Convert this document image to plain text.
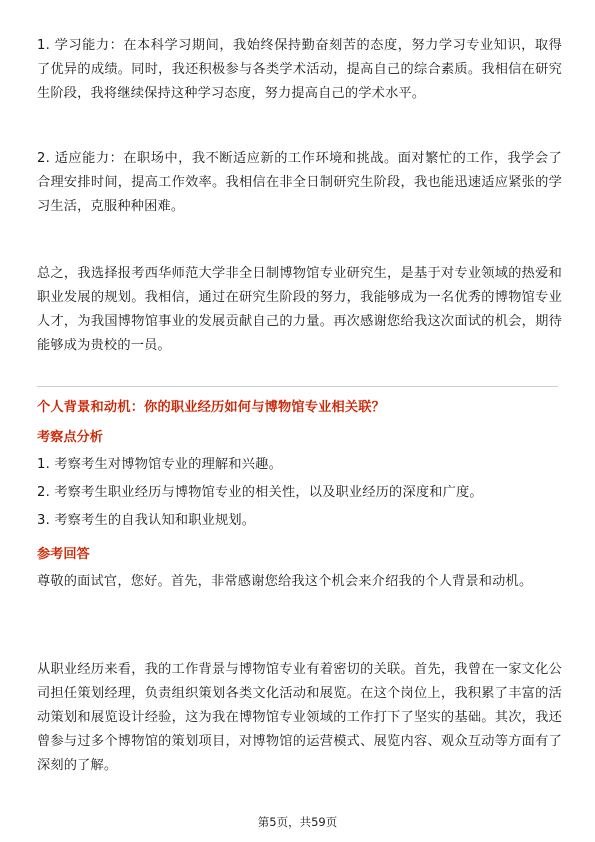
1. 学习能力：在本科学习期间，我始终保持勤奋刻苦的态度，努力学习专业知识，取得了优异的成绩。同时，我还积极参与各类学术活动，提高自己的综合素质。我相信在研究生阶段，我将继续保持这种学习态度，努力提高自己的学术水平。
2. 适应能力：在职场中，我不断适应新的工作环境和挑战。面对繁忙的工作，我学会了合理安排时间，提高工作效率。我相信在非全日制研究生阶段，我也能迅速适应紧张的学习生活，克服种种困难。
总之，我选择报考西华师范大学非全日制博物馆专业研究生，是基于对专业领域的热爱和职业发展的规划。我相信，通过在研究生阶段的努力，我能够成为一名优秀的博物馆专业人才，为我国博物馆事业的发展贡献自己的力量。再次感谢您给我这次面试的机会，期待能够成为贵校的一员。
个人背景和动机：你的职业经历如何与博物馆专业相关联？
考察点分析
1. 考察考生对博物馆专业的理解和兴趣。
2. 考察考生职业经历与博物馆专业的相关性，以及职业经历的深度和广度。
3. 考察考生的自我认知和职业规划。
参考回答
尊敬的面试官，您好。首先，非常感谢您给我这个机会来介绍我的个人背景和动机。
从职业经历来看，我的工作背景与博物馆专业有着密切的关联。首先，我曾在一家文化公司担任策划经理，负责组织策划各类文化活动和展览。在这个岗位上，我积累了丰富的活动策划和展览设计经验，这为我在博物馆专业领域的工作打下了坚实的基础。其次，我还曾参与过多个博物馆的策划项目，对博物馆的运营模式、展览内容、观众互动等方面有了深刻的了解。
第5页，共59页
